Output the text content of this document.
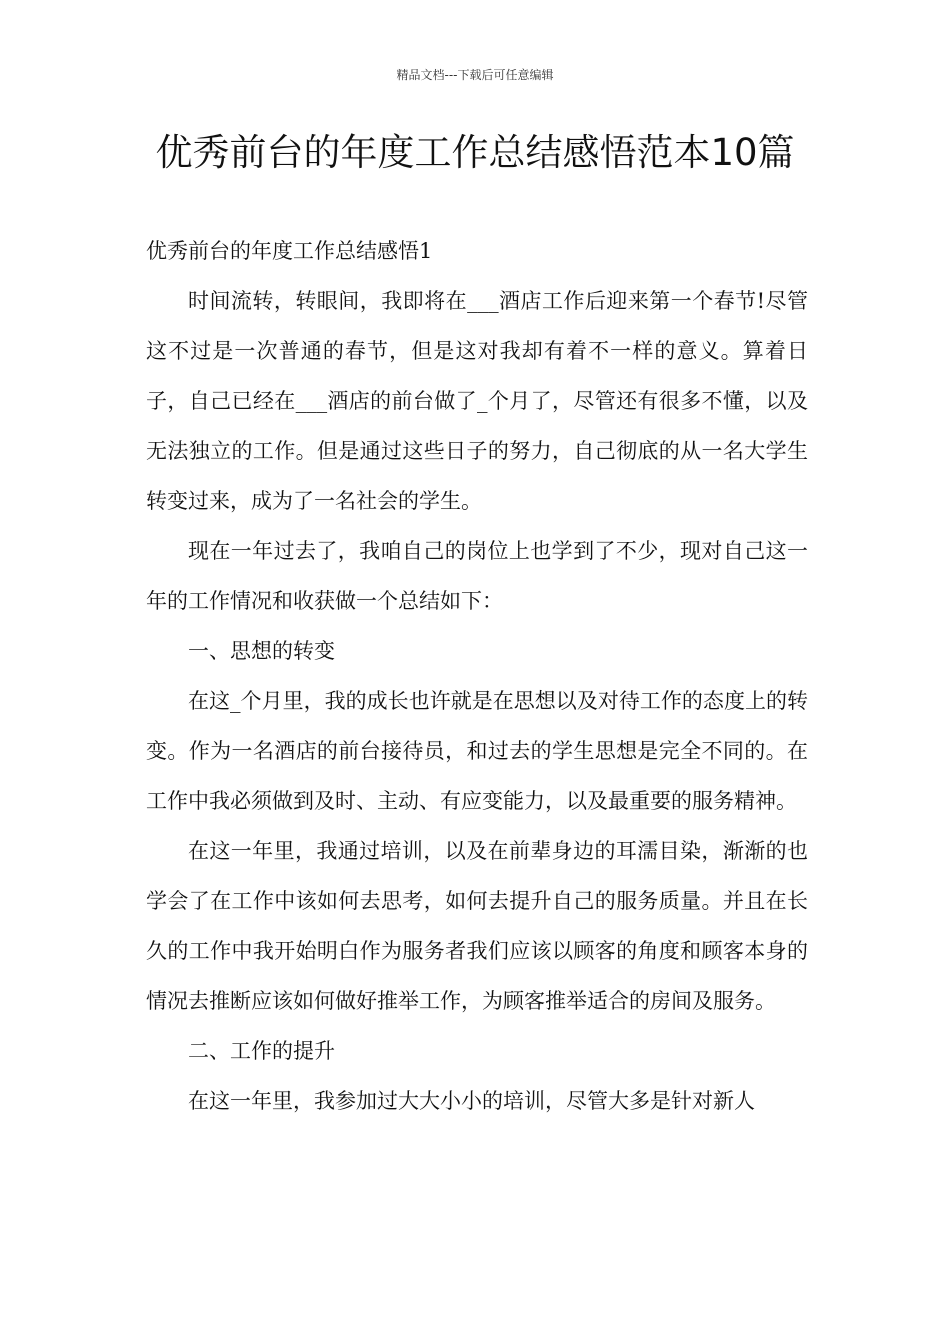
精品文档---下载后可任意编辑
优秀前台的年度工作总结感悟范本10篇

优秀前台的年度工作总结感悟1

时间流转，转眼间，我即将在___酒店工作后迎来第一个春节!尽管这不过是一次普通的春节，但是这对我却有着不一样的意义。算着日子，自己已经在___酒店的前台做了_个月了，尽管还有很多不懂，以及无法独立的工作。但是通过这些日子的努力，自己彻底的从一名大学生转变过来，成为了一名社会的学生。

现在一年过去了，我咱自己的岗位上也学到了不少，现对自己这一年的工作情况和收获做一个总结如下：

一、思想的转变

在这_个月里，我的成长也许就是在思想以及对待工作的态度上的转变。作为一名酒店的前台接待员，和过去的学生思想是完全不同的。在工作中我必须做到及时、主动、有应变能力，以及最重要的服务精神。

在这一年里，我通过培训，以及在前辈身边的耳濡目染，渐渐的也学会了在工作中该如何去思考，如何去提升自己的服务质量。并且在长久的工作中我开始明白作为服务者我们应该以顾客的角度和顾客本身的情况去推断应该如何做好推举工作，为顾客推举适合的房间及服务。

二、工作的提升

在这一年里，我参加过大大小小的培训，尽管大多是针对新人
